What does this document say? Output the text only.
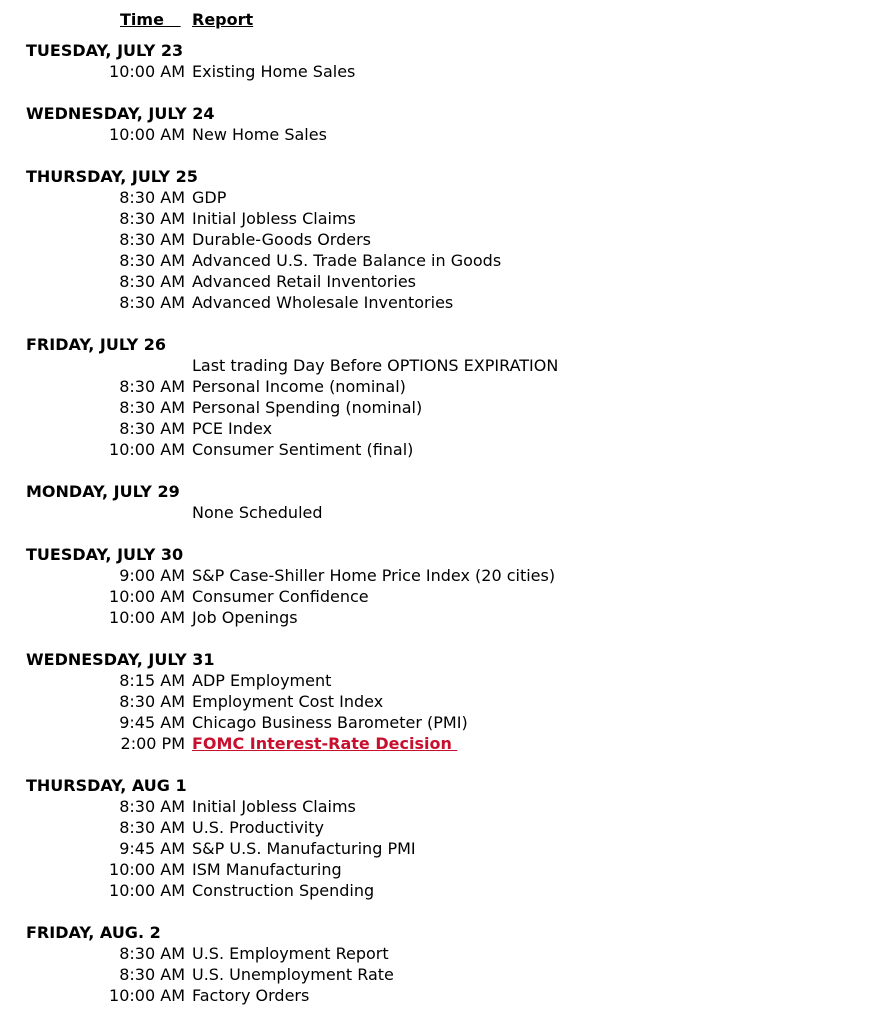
Time Report
TUESDAY, JULY 23
10:00 AM Existing Home Sales
WEDNESDAY, JULY 24
10:00 AM New Home Sales
THURSDAY, JULY 25
8:30 AM GDP
8:30 AM Initial Jobless Claims
8:30 AM Durable-Goods Orders
8:30 AM Advanced U.S. Trade Balance in Goods
8:30 AM Advanced Retail Inventories
8:30 AM Advanced Wholesale Inventories
FRIDAY, JULY 26
Last trading Day Before OPTIONS EXPIRATION
8:30 AM Personal Income (nominal)
8:30 AM Personal Spending (nominal)
8:30 AM PCE Index
10:00 AM Consumer Sentiment (final)
MONDAY, JULY 29
None Scheduled
TUESDAY, JULY 30
9:00 AM S&P Case-Shiller Home Price Index (20 cities)
10:00 AM Consumer Confidence
10:00 AM Job Openings
WEDNESDAY, JULY 31
8:15 AM ADP Employment
8:30 AM Employment Cost Index
9:45 AM Chicago Business Barometer (PMI)
2:00 PM FOMC Interest-Rate Decision
THURSDAY, AUG 1
8:30 AM Initial Jobless Claims
8:30 AM U.S. Productivity
9:45 AM S&P U.S. Manufacturing PMI
10:00 AM ISM Manufacturing
10:00 AM Construction Spending
FRIDAY, AUG. 2
8:30 AM U.S. Employment Report
8:30 AM U.S. Unemployment Rate
10:00 AM Factory Orders
